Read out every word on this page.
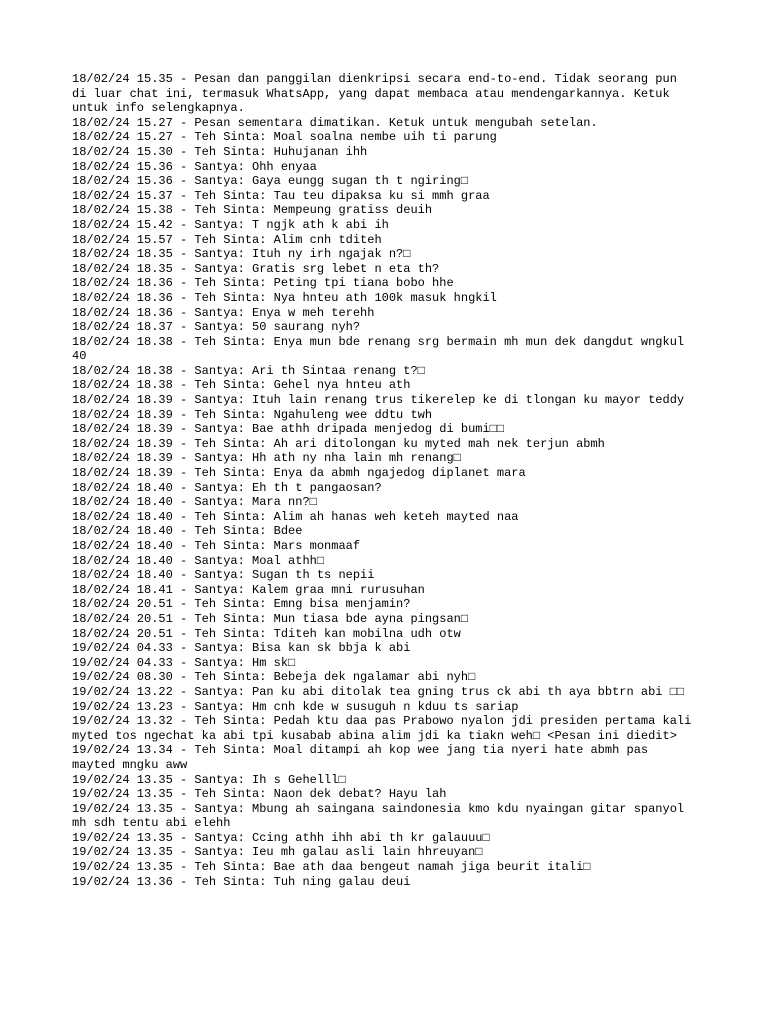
18/02/24 15.35 - Pesan dan panggilan dienkripsi secara end-to-end. Tidak seorang pun di luar chat ini, termasuk WhatsApp, yang dapat membaca atau mendengarkannya. Ketuk untuk info selengkapnya.
18/02/24 15.27 - Pesan sementara dimatikan. Ketuk untuk mengubah setelan.
18/02/24 15.27 - Teh Sinta: Moal soalna nembe uih ti parung
18/02/24 15.30 - Teh Sinta: Huhujanan ihh
18/02/24 15.36 - Santya: Ohh enyaa
18/02/24 15.36 - Santya: Gaya eungg sugan th t ngiring□
18/02/24 15.37 - Teh Sinta: Tau teu dipaksa ku si mmh graa
18/02/24 15.38 - Teh Sinta: Mempeung gratiss deuih
18/02/24 15.42 - Santya: T ngjk ath k abi ih
18/02/24 15.57 - Teh Sinta: Alim cnh tditeh
18/02/24 18.35 - Santya: Ituh ny irh ngajak n?□
18/02/24 18.35 - Santya: Gratis srg lebet n eta th?
18/02/24 18.36 - Teh Sinta: Peting tpi tiana bobo hhe
18/02/24 18.36 - Teh Sinta: Nya hnteu ath 100k masuk hngkil
18/02/24 18.36 - Santya: Enya w meh terehh
18/02/24 18.37 - Santya: 50 saurang nyh?
18/02/24 18.38 - Teh Sinta: Enya mun bde renang srg bermain mh mun dek dangdut wngkul 40
18/02/24 18.38 - Santya: Ari th Sintaa renang t?□
18/02/24 18.38 - Teh Sinta: Gehel nya hnteu ath
18/02/24 18.39 - Santya: Ituh lain renang trus tikerelep ke di tlongan ku mayor teddy
18/02/24 18.39 - Teh Sinta: Ngahuleng wee ddtu twh
18/02/24 18.39 - Santya: Bae athh dripada menjedog di bumi□□
18/02/24 18.39 - Teh Sinta: Ah ari ditolongan ku myted mah nek terjun abmh
18/02/24 18.39 - Santya: Hh ath ny nha lain mh renang□
18/02/24 18.39 - Teh Sinta: Enya da abmh ngajedog diplanet mara
18/02/24 18.40 - Santya: Eh th t pangaosan?
18/02/24 18.40 - Santya: Mara nn?□
18/02/24 18.40 - Teh Sinta: Alim ah hanas weh keteh mayted naa
18/02/24 18.40 - Teh Sinta: Bdee
18/02/24 18.40 - Teh Sinta: Mars monmaaf
18/02/24 18.40 - Santya: Moal athh□
18/02/24 18.40 - Santya: Sugan th ts nepii
18/02/24 18.41 - Santya: Kalem graa mni rurusuhan
18/02/24 20.51 - Teh Sinta: Emng bisa menjamin?
18/02/24 20.51 - Teh Sinta: Mun tiasa bde ayna pingsan□
18/02/24 20.51 - Teh Sinta: Tditeh kan mobilna udh otw
19/02/24 04.33 - Santya: Bisa kan sk bbja k abi
19/02/24 04.33 - Santya: Hm sk□
19/02/24 08.30 - Teh Sinta: Bebeja dek ngalamar abi nyh□
19/02/24 13.22 - Santya: Pan ku abi ditolak tea gning trus ck abi th aya bbtrn abi □□
19/02/24 13.23 - Santya: Hm cnh kde w susuguh n kduu ts sariap
19/02/24 13.32 - Teh Sinta: Pedah ktu daa pas Prabowo nyalon jdi presiden pertama kali myted tos ngechat ka abi tpi kusabab abina alim jdi ka tiakn weh□ <Pesan ini diedit>
19/02/24 13.34 - Teh Sinta: Moal ditampi ah kop wee jang tia nyeri hate abmh pas mayted mngku aww
19/02/24 13.35 - Santya: Ih s Gehelll□
19/02/24 13.35 - Teh Sinta: Naon dek debat? Hayu lah
19/02/24 13.35 - Santya: Mbung ah saingana saindonesia kmo kdu nyaingan gitar spanyol mh sdh tentu abi elehh
19/02/24 13.35 - Santya: Ccing athh ihh abi th kr galauuu□
19/02/24 13.35 - Santya: Ieu mh galau asli lain hhreuyan□
19/02/24 13.35 - Teh Sinta: Bae ath daa bengeut namah jiga beurit itali□
19/02/24 13.36 - Teh Sinta: Tuh ning galau deui
